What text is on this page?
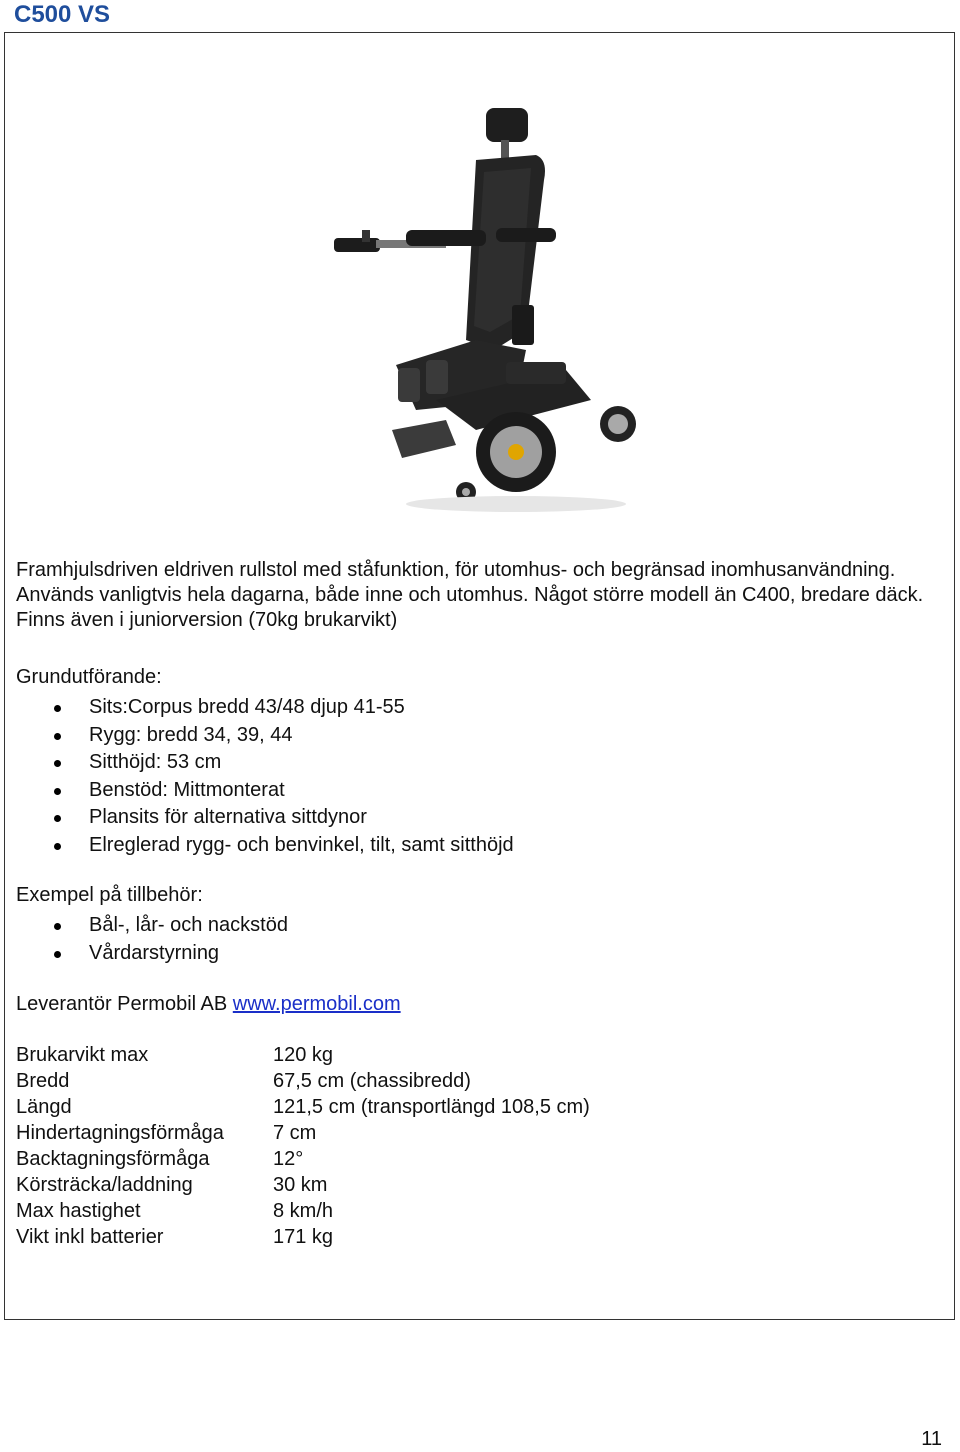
C500 VS

Framhjulsdriven eldriven rullstol med ståfunktion, för utomhus- och begränsad inomhusanvändning.

Används vanligtvis hela dagarna, både inne och utomhus. Något större modell än C400, bredare däck.

Finns även i juniorversion (70kg brukarvikt)

Grundutförande:

Sits:Corpus bredd 43/48 djup 41-55
Rygg: bredd 34, 39, 44
Sitthöjd: 53 cm
Benstöd: Mittmonterat
Plansits för alternativa sittdynor
Elreglerad rygg- och benvinkel, tilt, samt sitthöjd

Exempel på tillbehör:

Bål-, lår- och nackstöd
Vårdarstyrning

Leverantör Permobil AB www.permobil.com

Brukarvikt max	120 kg
Bredd	67,5 cm (chassibredd)
Längd	121,5 cm (transportlängd 108,5 cm)
Hindertagningsförmåga	7 cm
Backtagningsförmåga	12°
Körsträcka/laddning	30 km
Max hastighet	8 km/h
Vikt inkl batterier	171 kg
11
